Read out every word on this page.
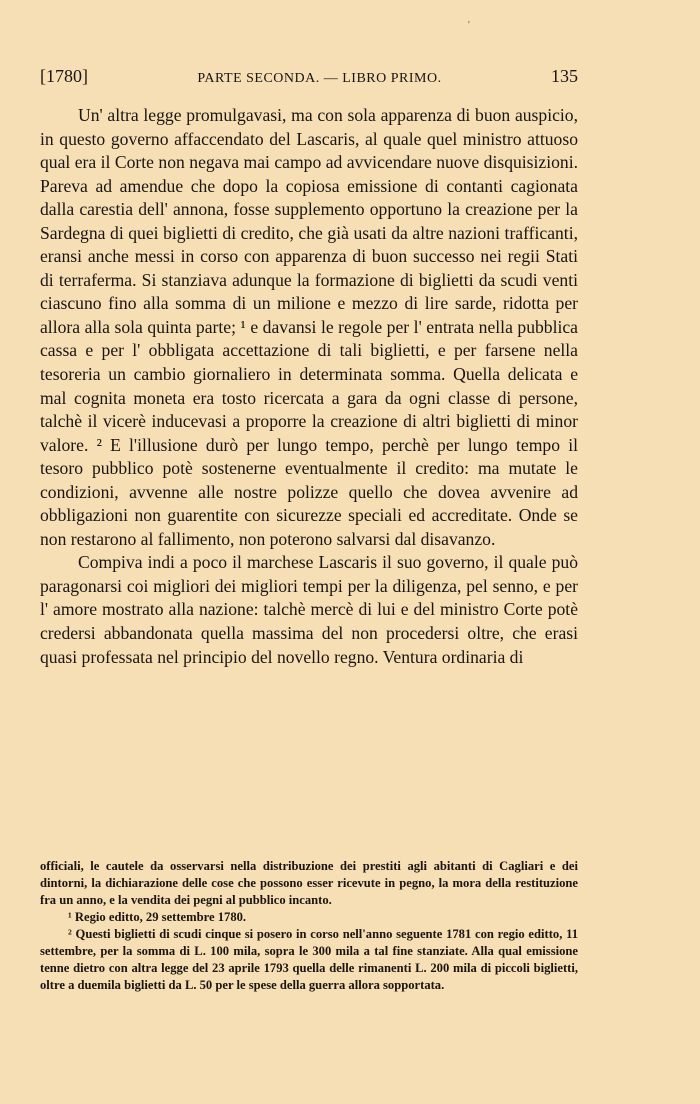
'
[1780]	PARTE SECONDA. — LIBRO PRIMO.	135

Un' altra legge promulgavasi, ma con sola apparenza di buon auspicio, in questo governo affaccendato del Lascaris, al quale quel ministro attuoso qual era il Corte non negava mai campo ad avvicendare nuove disquisizioni. Pareva ad amendue che dopo la copiosa emissione di contanti cagionata dalla carestia dell' annona, fosse supplemento opportuno la creazione per la Sardegna di quei biglietti di credito, che già usati da altre nazioni trafficanti, eransi anche messi in corso con apparenza di buon successo nei regii Stati di terraferma. Si stanziava adunque la formazione di biglietti da scudi venti ciascuno fino alla somma di un milione e mezzo di lire sarde, ridotta per allora alla sola quinta parte; ¹ e davansi le regole per l' entrata nella pubblica cassa e per l' obbligata accettazione di tali biglietti, e per farsene nella tesoreria un cambio giornaliero in determinata somma. Quella delicata e mal cognita moneta era tosto ricercata a gara da ogni classe di persone, talchè il vicerè inducevasi a proporre la creazione di altri biglietti di minor valore. ² E l'illusione durò per lungo tempo, perchè per lungo tempo il tesoro pubblico potè sostenerne eventualmente il credito: ma mutate le condizioni, avvenne alle nostre polizze quello che dovea avvenire ad obbligazioni non guarentite con sicurezze speciali ed accreditate. Onde se non restarono al fallimento, non poterono salvarsi dal disavanzo.

Compiva indi a poco il marchese Lascaris il suo governo, il quale può paragonarsi coi migliori dei migliori tempi per la diligenza, pel senno, e per l' amore mostrato alla nazione: talchè mercè di lui e del ministro Corte potè credersi abbandonata quella massima del non procedersi oltre, che erasi quasi professata nel principio del novello regno. Ventura ordinaria di

officiali, le cautele da osservarsi nella distribuzione dei prestiti agli abitanti di Cagliari e dei dintorni, la dichiarazione delle cose che possono esser ricevute in pegno, la mora della restituzione fra un anno, e la vendita dei pegni al pubblico incanto.

¹ Regio editto, 29 settembre 1780.

² Questi biglietti di scudi cinque si posero in corso nell'anno seguente 1781 con regio editto, 11 settembre, per la somma di L. 100 mila, sopra le 300 mila a tal fine stanziate. Alla qual emissione tenne dietro con altra legge del 23 aprile 1793 quella delle rimanenti L. 200 mila di piccoli biglietti, oltre a duemila biglietti da L. 50 per le spese della guerra allora sopportata.
